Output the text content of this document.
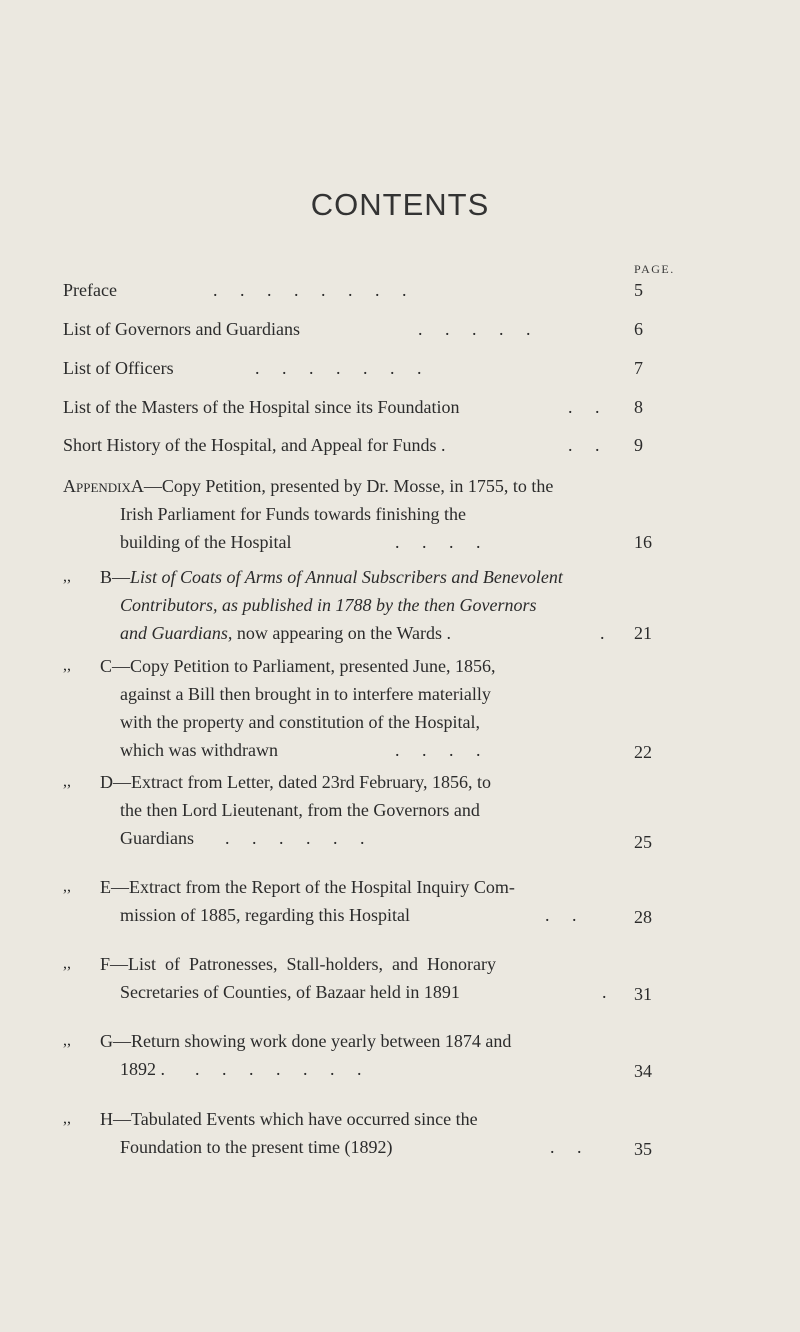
CONTENTS
PAGE.
Preface	.     .     .     .     .     .     .     .	5
List of Governors and Guardians	.     .     .     .     .	6
List of Officers	.     .     .     .     .     .     .	7
List of the Masters of the Hospital since its Foundation	.     . 8
Short History of the Hospital, and Appeal for Funds .	.     . 9
AppendixA—Copy Petition, presented by Dr. Mosse, in 1755, to the
Irish Parliament for Funds towards finishing the
building of the Hospital	.     .     .     .	16
,, B—List of Coats of Arms of Annual Subscribers and Benevolent
Contributors, as published in 1788 by the then Governors
and Guardians, now appearing on the Wards .	. 21
,, C—Copy Petition to Parliament, presented June, 1856,
against a Bill then brought in to interfere materially
with the property and constitution of the Hospital,
which was withdrawn	.     .     .     .	22
,, D—Extract from Letter, dated 23rd February, 1856, to
the then Lord Lieutenant, from the Governors and
Guardians .     .     .     .     .     .	25
,, E—Extract from the Report of the Hospital Inquiry Com-
mission of 1885, regarding this Hospital	.     .	28
,, F—List  of  Patronesses,  Stall-holders,  and  Honorary
Secretaries of Counties, of Bazaar held in 1891	. 31
,, G—Return showing work done yearly between 1874 and
1892 . .     .     .     .     .     .     .	34
,, H—Tabulated Events which have occurred since the
Foundation to the present time (1892)	.     .	35
